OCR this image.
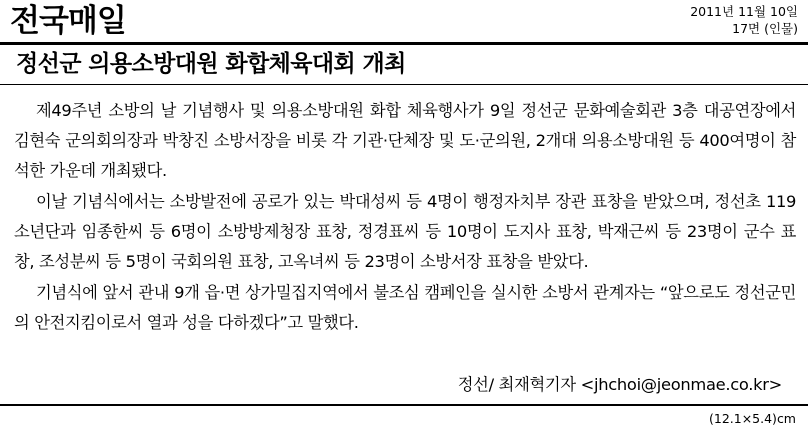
전국매일	2011년 11월 10일
17면 (인물)
정선군 의용소방대원 화합체육대회 개최

제49주년 소방의 날 기념행사 및 의용소방대원 화합 체육행사가 9일 정선군 문화예술회관 3층 대공연장에서 김현숙 군의회의장과 박창진 소방서장을 비롯 각 기관·단체장 및 도·군의원, 2개대 의용소방대원 등 400여명이 참석한 가운데 개최됐다.

이날 기념식에서는 소방발전에 공로가 있는 박대성씨 등 4명이 행정자치부 장관 표창을 받았으며, 정선초 119소년단과 임종한씨 등 6명이 소방방제청장 표창, 정경표씨 등 10명이 도지사 표창, 박재근씨 등 23명이 군수 표창, 조성분씨 등 5명이 국회의원 표창, 고옥녀씨 등 23명이 소방서장 표창을 받았다.

기념식에 앞서 관내 9개 읍·면 상가밀집지역에서 불조심 캠페인을 실시한 소방서 관계자는 “앞으로도 정선군민의 안전지킴이로서 열과 성을 다하겠다”고 말했다.

정선/ 최재혁기자 <jhchoi@jeonmae.co.kr>
(12.1×5.4)cm
